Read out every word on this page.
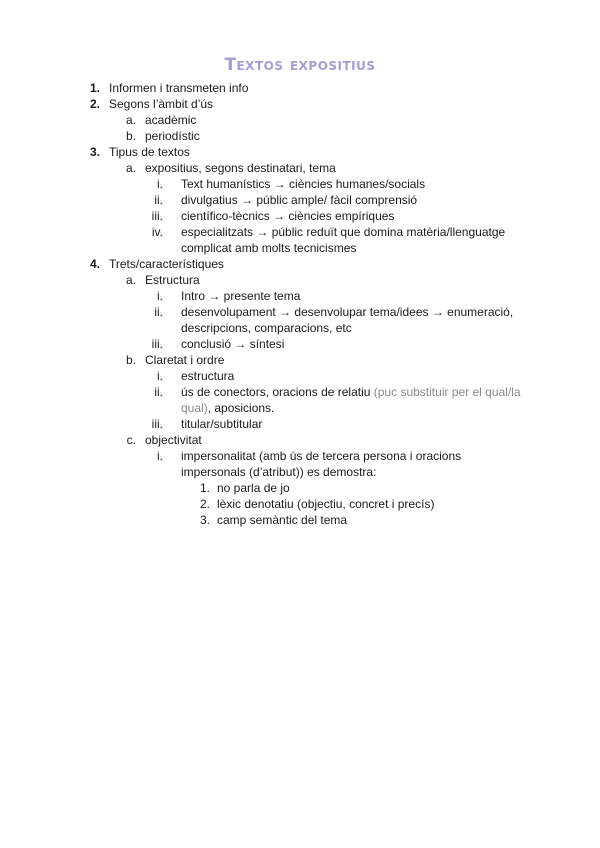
Textos expositius
1. Informen i transmeten info
2. Segons l’àmbit d’ús
a. acadèmic
b. periodístic
3. Tipus de textos
a. expositius, segons destinatari, tema
i. Text humanístics → ciències humanes/socials
ii. divulgatius → públic ample/ fàcil comprensió
iii. científico-tècnics → ciències empíriques
iv. especialitzats → públic reduït que domina matèria/llenguatge
complicat amb molts tecnicismes
4. Trets/característiques
a. Estructura
i. Intro → presente tema
ii. desenvolupament → desenvolupar tema/idees → enumeració,
descripcions, comparacions, etc
iii. conclusió → síntesi
b. Claretat i ordre
i. estructura
ii. ús de conectors, oracions de relatiu (puc substituir per el qual/la
qual), aposicions.
iii. titular/subtitular
c. objectivitat
i. impersonalitat (amb ús de tercera persona i oracions
impersonals (d’atribut)) es demostra:
1. no parla de jo
2. lèxic denotatiu (objectiu, concret i precís)
3. camp semàntic del tema
